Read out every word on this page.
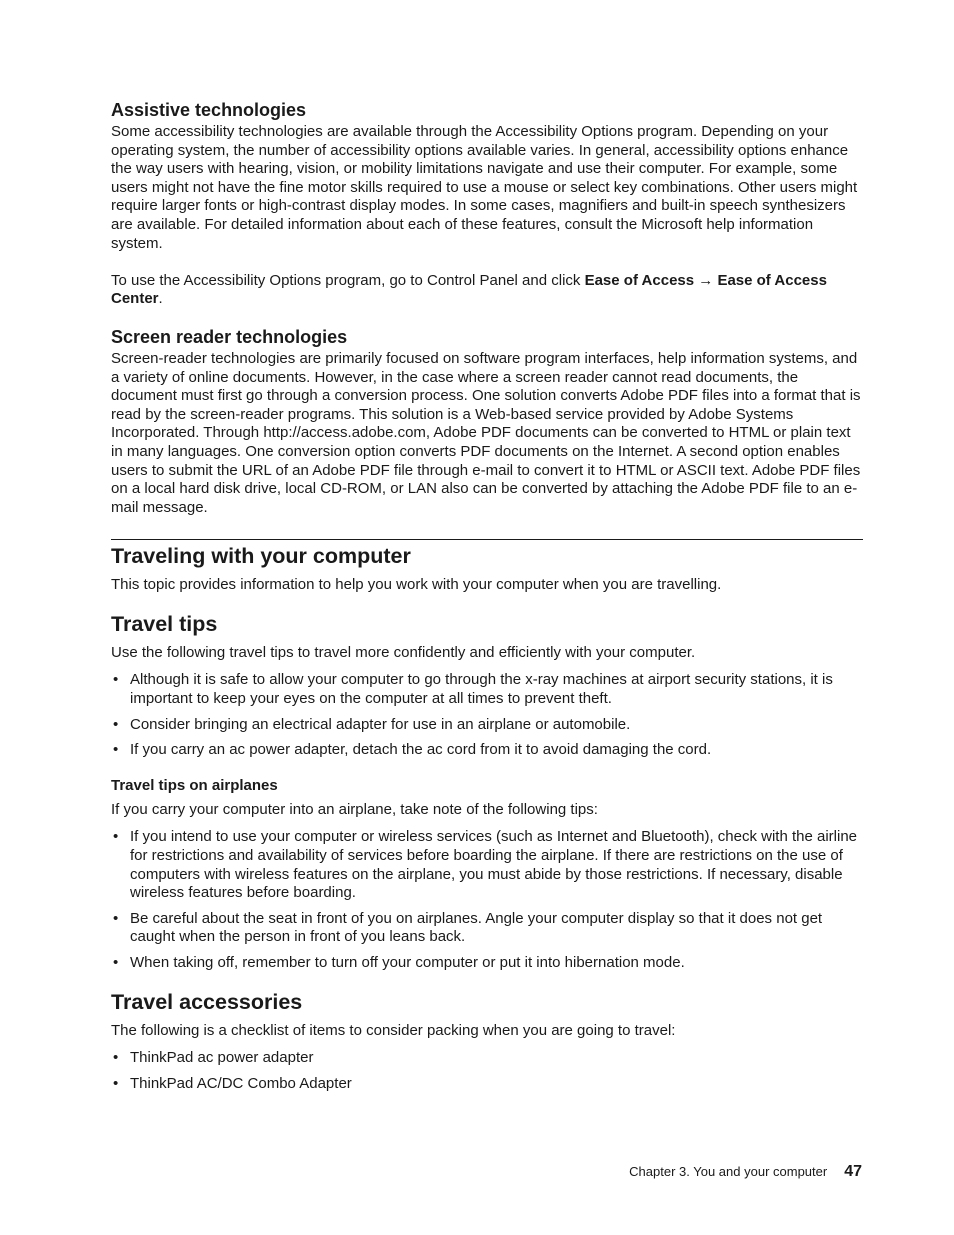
Assistive technologies

Some accessibility technologies are available through the Accessibility Options program. Depending on your operating system, the number of accessibility options available varies. In general, accessibility options enhance the way users with hearing, vision, or mobility limitations navigate and use their computer. For example, some users might not have the fine motor skills required to use a mouse or select key combinations. Other users might require larger fonts or high-contrast display modes. In some cases, magnifiers and built-in speech synthesizers are available. For detailed information about each of these features, consult the Microsoft help information system.

To use the Accessibility Options program, go to Control Panel and click Ease of Access → Ease of Access Center.

Screen reader technologies

Screen-reader technologies are primarily focused on software program interfaces, help information systems, and a variety of online documents. However, in the case where a screen reader cannot read documents, the document must first go through a conversion process. One solution converts Adobe PDF files into a format that is read by the screen-reader programs. This solution is a Web-based service provided by Adobe Systems Incorporated. Through http://access.adobe.com, Adobe PDF documents can be converted to HTML or plain text in many languages. One conversion option converts PDF documents on the Internet. A second option enables users to submit the URL of an Adobe PDF file through e-mail to convert it to HTML or ASCII text. Adobe PDF files on a local hard disk drive, local CD-ROM, or LAN also can be converted by attaching the Adobe PDF file to an e-mail message.

Traveling with your computer

This topic provides information to help you work with your computer when you are travelling.

Travel tips

Use the following travel tips to travel more confidently and efficiently with your computer.

• Although it is safe to allow your computer to go through the x-ray machines at airport security stations, it is important to keep your eyes on the computer at all times to prevent theft.
• Consider bringing an electrical adapter for use in an airplane or automobile.
• If you carry an ac power adapter, detach the ac cord from it to avoid damaging the cord.
Travel tips on airplanes

If you carry your computer into an airplane, take note of the following tips:

• If you intend to use your computer or wireless services (such as Internet and Bluetooth), check with the airline for restrictions and availability of services before boarding the airplane. If there are restrictions on the use of computers with wireless features on the airplane, you must abide by those restrictions. If necessary, disable wireless features before boarding.
• Be careful about the seat in front of you on airplanes. Angle your computer display so that it does not get caught when the person in front of you leans back.
• When taking off, remember to turn off your computer or put it into hibernation mode.
Travel accessories

The following is a checklist of items to consider packing when you are going to travel:

• ThinkPad ac power adapter
• ThinkPad AC/DC Combo Adapter
Chapter 3. You and your computer 47
